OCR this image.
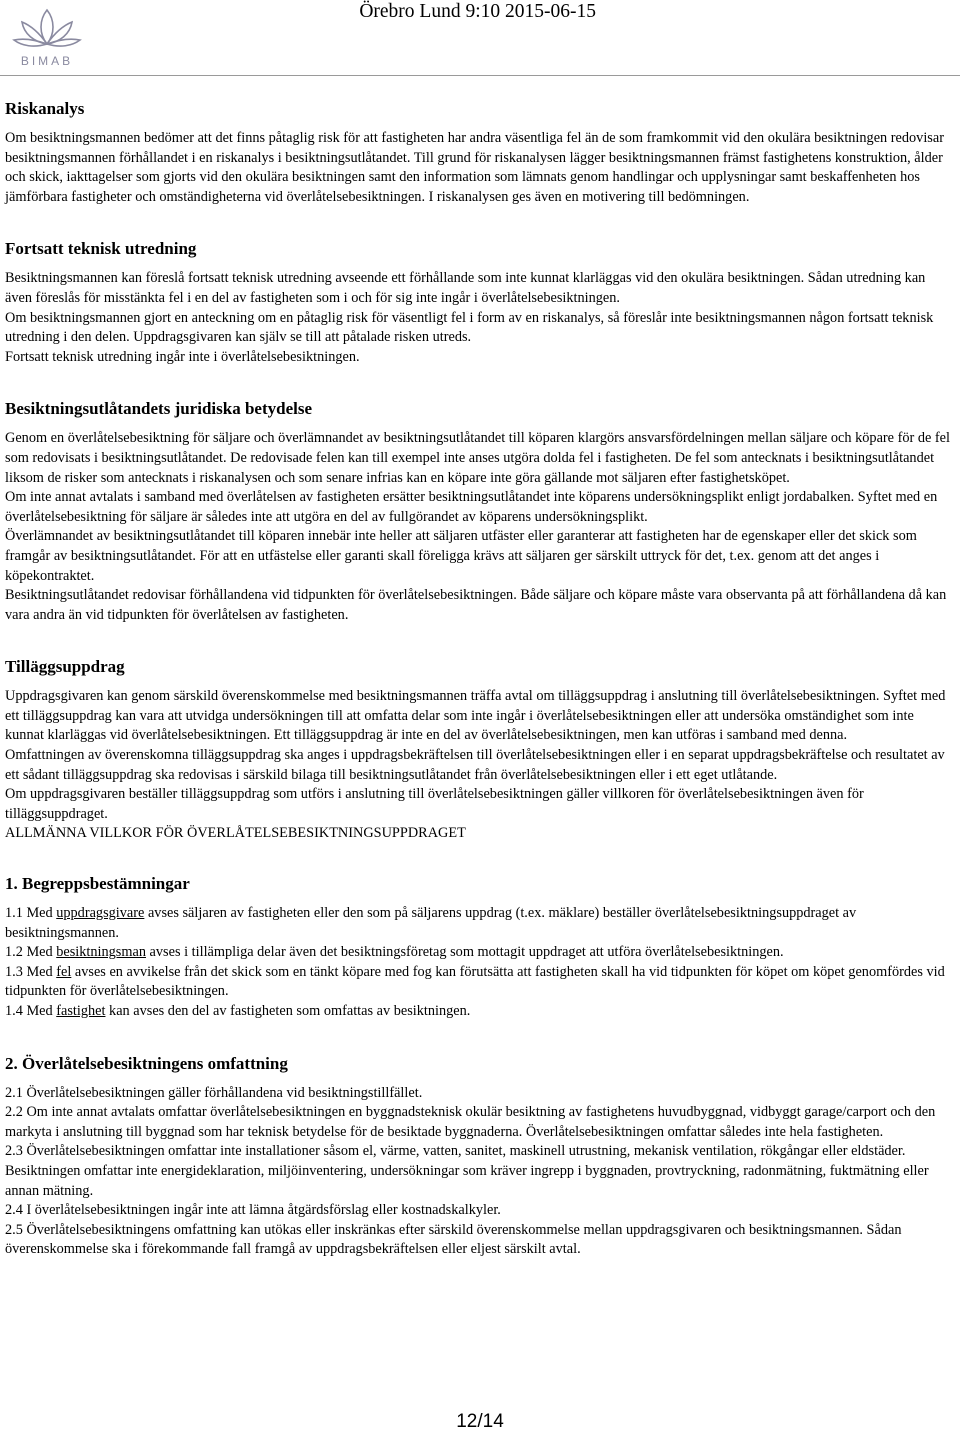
BIMAB
Örebro Lund 9:10 2015-06-15
Riskanalys

Om besiktningsmannen bedömer att det finns påtaglig risk för att fastigheten har andra väsentliga fel än de som framkommit vid den okulära besiktningen redovisar besiktningsmannen förhållandet i en riskanalys i besiktningsutlåtandet. Till grund för riskanalysen lägger besiktningsmannen främst fastighetens konstruktion, ålder och skick, iakttagelser som gjorts vid den okulära besiktningen samt den information som lämnats genom handlingar och upplysningar samt beskaffenheten hos jämförbara fastigheter och omständigheterna vid överlåtelsebesiktningen. I riskanalysen ges även en motivering till bedömningen.

Fortsatt teknisk utredning

Besiktningsmannen kan föreslå fortsatt teknisk utredning avseende ett förhållande som inte kunnat klarläggas vid den okulära besiktningen. Sådan utredning kan även föreslås för misstänkta fel i en del av fastigheten som i och för sig inte ingår i överlåtelsebesiktningen.

Om besiktningsmannen gjort en anteckning om en påtaglig risk för väsentligt fel i form av en riskanalys, så föreslår inte besiktningsmannen någon fortsatt teknisk utredning i den delen. Uppdragsgivaren kan själv se till att påtalade risken utreds.

Fortsatt teknisk utredning ingår inte i överlåtelsebesiktningen.

Besiktningsutlåtandets juridiska betydelse

Genom en överlåtelsebesiktning för säljare och överlämnandet av besiktningsutlåtandet till köparen klargörs ansvarsfördelningen mellan säljare och köpare för de fel som redovisats i besiktningsutlåtandet. De redovisade felen kan till exempel inte anses utgöra dolda fel i fastigheten. De fel som antecknats i besiktningsutlåtandet liksom de risker som antecknats i riskanalysen och som senare infrias kan en köpare inte göra gällande mot säljaren efter fastighetsköpet.

Om inte annat avtalats i samband med överlåtelsen av fastigheten ersätter besiktningsutlåtandet inte köparens undersökningsplikt enligt jordabalken. Syftet med en överlåtelsebesiktning för säljare är således inte att utgöra en del av fullgörandet av köparens undersökningsplikt.

Överlämnandet av besiktningsutlåtandet till köparen innebär inte heller att säljaren utfäster eller garanterar att fastigheten har de egenskaper eller det skick som framgår av besiktningsutlåtandet. För att en utfästelse eller garanti skall föreligga krävs att säljaren ger särskilt uttryck för det, t.ex. genom att det anges i köpekontraktet.

Besiktningsutlåtandet redovisar förhållandena vid tidpunkten för överlåtelsebesiktningen. Både säljare och köpare måste vara observanta på att förhållandena då kan vara andra än vid tidpunkten för överlåtelsen av fastigheten.

Tilläggsuppdrag

Uppdragsgivaren kan genom särskild överenskommelse med besiktningsmannen träffa avtal om tilläggsuppdrag i anslutning till överlåtelsebesiktningen. Syftet med ett tilläggsuppdrag kan vara att utvidga undersökningen till att omfatta delar som inte ingår i överlåtelsebesiktningen eller att undersöka omständighet som inte kunnat klarläggas vid överlåtelsebesiktningen. Ett tilläggsuppdrag är inte en del av överlåtelsebesiktningen, men kan utföras i samband med denna.

Omfattningen av överenskomna tilläggsuppdrag ska anges i uppdragsbekräftelsen till överlåtelsebesiktningen eller i en separat uppdragsbekräftelse och resultatet av ett sådant tilläggsuppdrag ska redovisas i särskild bilaga till besiktningsutlåtandet från överlåtelsebesiktningen eller i ett eget utlåtande.

Om uppdragsgivaren beställer tilläggsuppdrag som utförs i anslutning till överlåtelsebesiktningen gäller villkoren för överlåtelsebesiktningen även för tilläggsuppdraget.

ALLMÄNNA VILLKOR FÖR ÖVERLÅTELSEBESIKTNINGSUPPDRAGET

1. Begreppsbestämningar

1.1 Med uppdragsgivare avses säljaren av fastigheten eller den som på säljarens uppdrag (t.ex. mäklare) beställer överlåtelsebesiktningsuppdraget av besiktningsmannen.

1.2 Med besiktningsman avses i tillämpliga delar även det besiktningsföretag som mottagit uppdraget att utföra överlåtelsebesiktningen.

1.3 Med fel avses en avvikelse från det skick som en tänkt köpare med fog kan förutsätta att fastigheten skall ha vid tidpunkten för köpet om köpet genomfördes vid tidpunkten för överlåtelsebesiktningen.

1.4 Med fastighet kan avses den del av fastigheten som omfattas av besiktningen.

2. Överlåtelsebesiktningens omfattning

2.1 Överlåtelsebesiktningen gäller förhållandena vid besiktningstillfället.

2.2 Om inte annat avtalats omfattar överlåtelsebesiktningen en byggnadsteknisk okulär besiktning av fastighetens huvudbyggnad, vidbyggt garage/carport och den markyta i anslutning till byggnad som har teknisk betydelse för de besiktade byggnaderna. Överlåtelsebesiktningen omfattar således inte hela fastigheten.

2.3 Överlåtelsebesiktningen omfattar inte installationer såsom el, värme, vatten, sanitet, maskinell utrustning, mekanisk ventilation, rökgångar eller eldstäder. Besiktningen omfattar inte energideklaration, miljöinventering, undersökningar som kräver ingrepp i byggnaden, provtryckning, radonmätning, fuktmätning eller annan mätning.

2.4 I överlåtelsebesiktningen ingår inte att lämna åtgärdsförslag eller kostnadskalkyler.

2.5 Överlåtelsebesiktningens omfattning kan utökas eller inskränkas efter särskild överenskommelse mellan uppdragsgivaren och besiktningsmannen. Sådan överenskommelse ska i förekommande fall framgå av uppdragsbekräftelsen eller eljest särskilt avtal.

12/14
